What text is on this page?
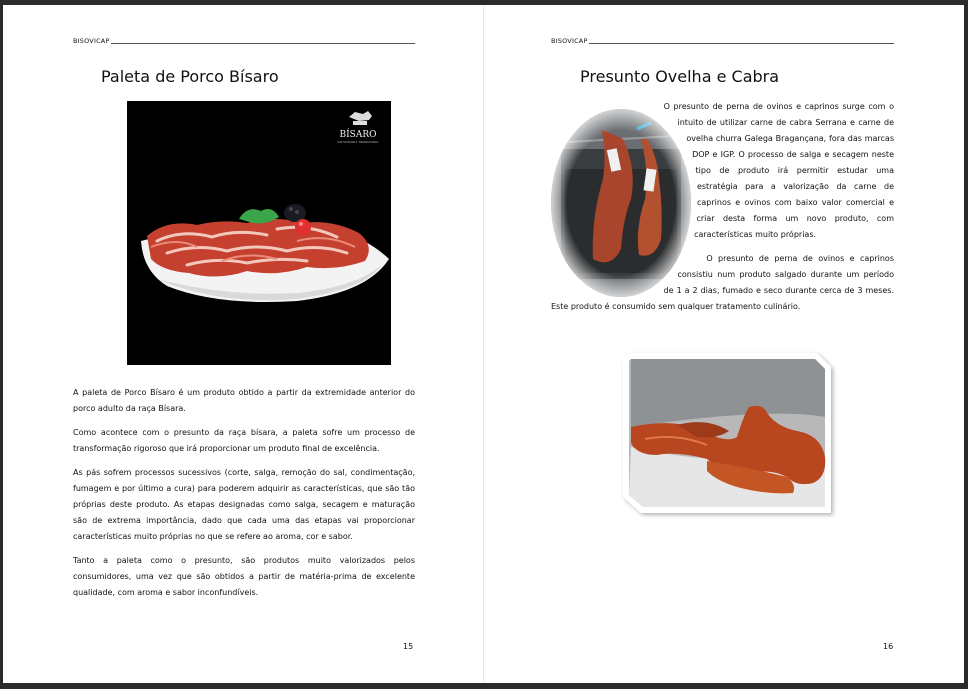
BISOVICAP
Paleta de Porco Bísaro
BÍSARO
SALSICHARIA TRADICIONAL

A paleta de Porco Bísaro é um produto obtido a partir da extremidade anterior do porco adulto da raça Bísara.

Como acontece com o presunto da raça bísara, a paleta sofre um processo de transformação rigoroso que irá proporcionar um produto final de excelência.

As pás sofrem processos sucessivos (corte, salga, remoção do sal, condimentação, fumagem e por último a cura) para poderem adquirir as características, que são tão próprias deste produto. As etapas designadas como salga, secagem e maturação são de extrema importância, dado que cada uma das etapas vai proporcionar características muito próprias no que se refere ao aroma, cor e sabor.

Tanto a paleta como o presunto, são produtos muito valorizados pelos consumidores, uma vez que são obtidos a partir de matéria-prima de excelente qualidade, com aroma e sabor inconfundíveis.

15
BISOVICAP
Presunto Ovelha e Cabra

O presunto de perna de ovinos e caprinos surge com o intuito de utilizar carne de cabra Serrana e carne de ovelha churra Galega Bragançana, fora das marcas DOP e IGP. O processo de salga e secagem neste tipo de produto irá permitir estudar uma estratégia para a valorização da carne de caprinos e ovinos com baixo valor comercial e criar desta forma um novo produto, com características muito próprias.

O presunto de perna de ovinos e caprinos consistiu num produto salgado durante um período de 1 a 2 dias, fumado e seco durante cerca de 3 meses. Este produto é consumido sem qualquer tratamento culinário.

16
